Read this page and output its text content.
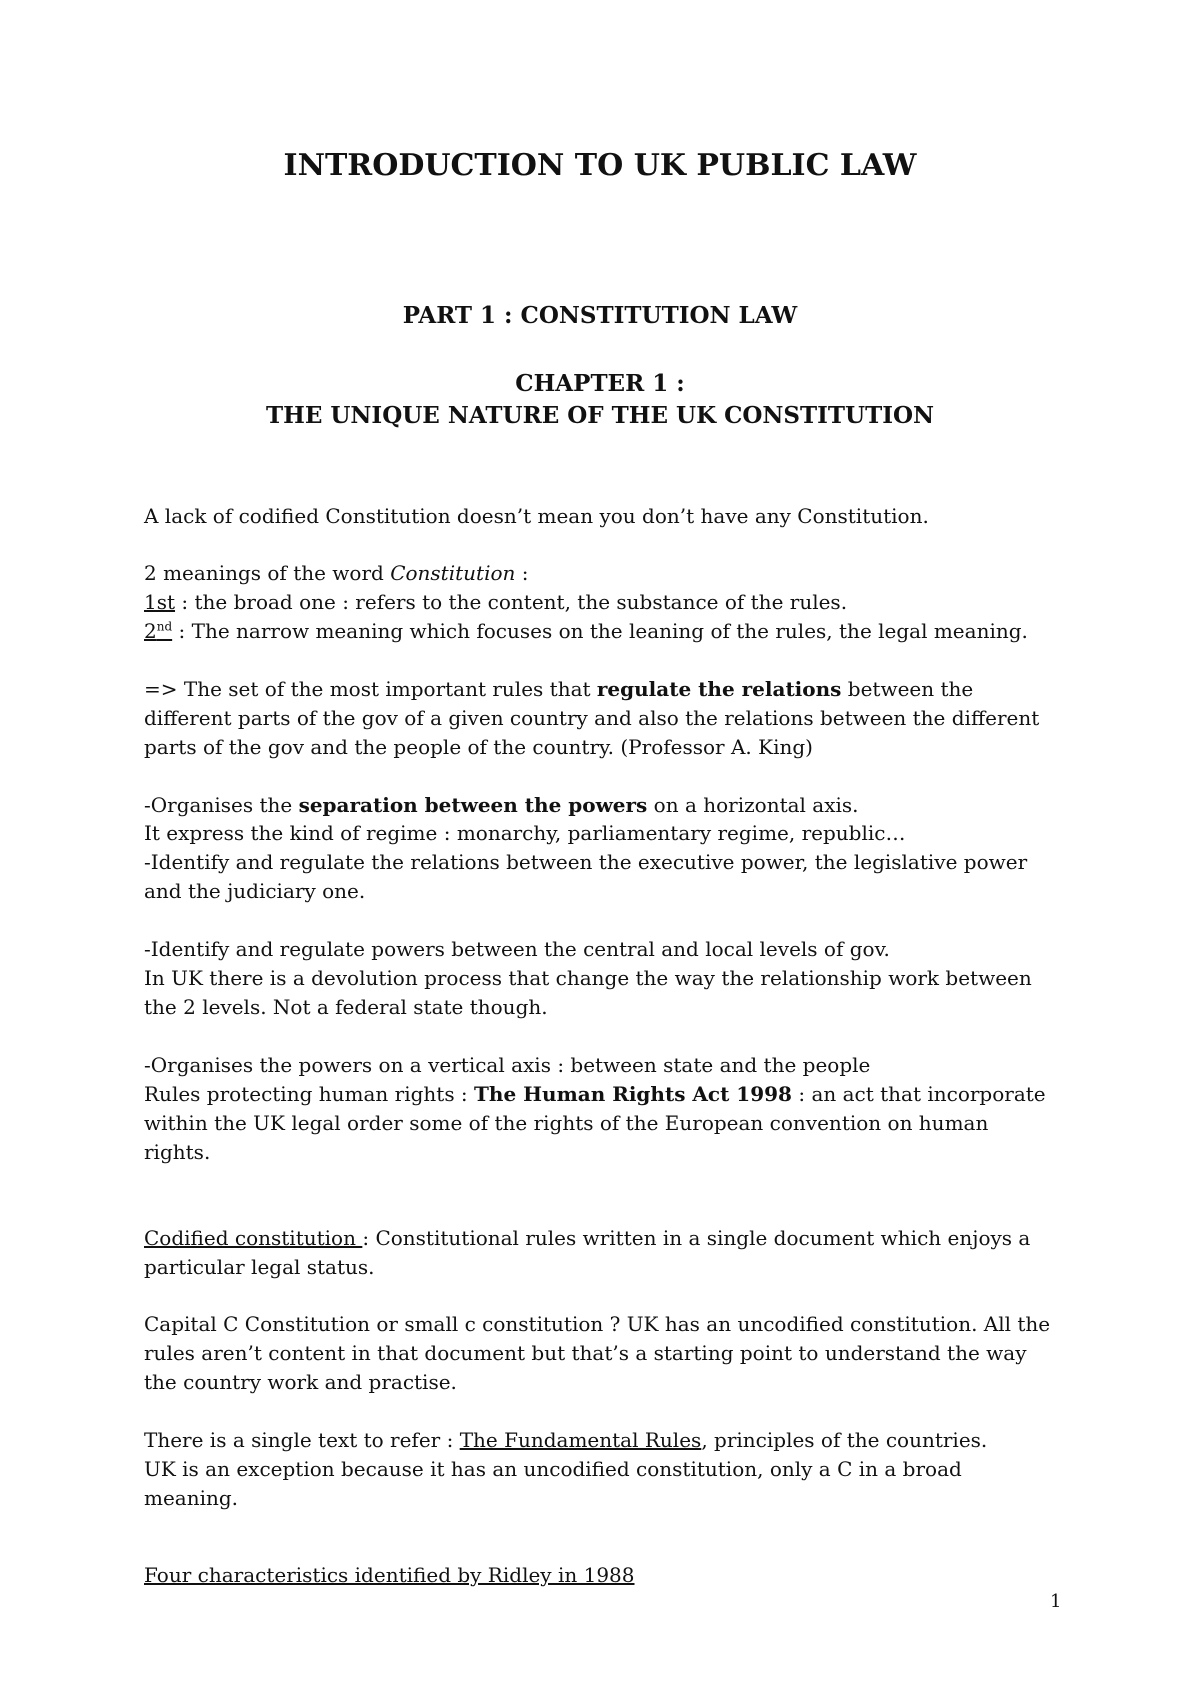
INTRODUCTION TO UK PUBLIC LAW
PART 1 : CONSTITUTION LAW
CHAPTER 1 :
THE UNIQUE NATURE OF THE UK CONSTITUTION
A lack of codified Constitution doesn’t mean you don’t have any Constitution.
2 meanings of the word Constitution :
1st : the broad one : refers to the content, the substance of the rules.
2nd : The narrow meaning which focuses on the leaning of the rules, the legal meaning.
=> The set of the most important rules that regulate the relations between the
different parts of the gov of a given country and also the relations between the different
parts of the gov and the people of the country. (Professor A. King)
-Organises the separation between the powers on a horizontal axis.
It express the kind of regime : monarchy, parliamentary regime, republic…
-Identify and regulate the relations between the executive power, the legislative power
and the judiciary one.
-Identify and regulate powers between the central and local levels of gov.
In UK there is a devolution process that change the way the relationship work between
the 2 levels. Not a federal state though.
-Organises the powers on a vertical axis : between state and the people
Rules protecting human rights : The Human Rights Act 1998 : an act that incorporate
within the UK legal order some of the rights of the European convention on human
rights.
Codified constitution : Constitutional rules written in a single document which enjoys a
particular legal status.
Capital C Constitution or small c constitution ? UK has an uncodified constitution. All the
rules aren’t content in that document but that’s a starting point to understand the way
the country work and practise.
There is a single text to refer : The Fundamental Rules, principles of the countries.
UK is an exception because it has an uncodified constitution, only a C in a broad
meaning.
Four characteristics identified by Ridley in 1988
1
